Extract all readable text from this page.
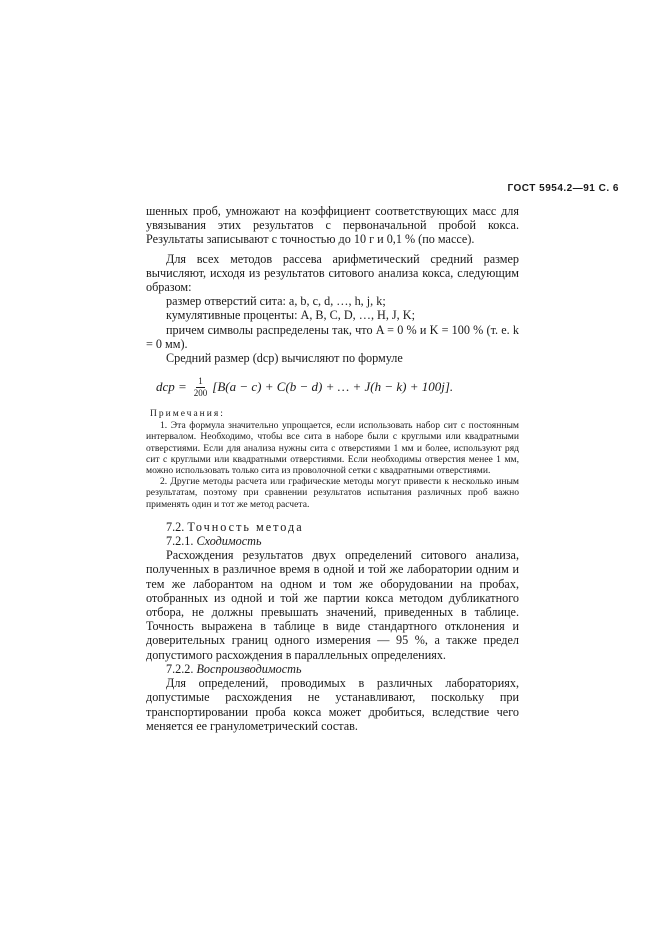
ГОСТ 5954.2—91 С. 6

шенных проб, умножают на коэффициент соответствующих масс для увязывания этих результатов с первоначальной пробой кокса. Результаты записывают с точностью до 10 г и 0,1 % (по массе).

Для всех методов рассева арифметический средний размер вычисляют, исходя из результатов ситового анализа кокса, следующим образом:

размер отверстий сита: a, b, c, d, …, h, j, k;

кумулятивные проценты: A, B, C, D, …, H, J, K;

причем символы распределены так, что A = 0 % и K = 100 % (т. е. k = 0 мм).

Средний размер (dср) вычисляют по формуле

dср = $\frac{1}{200} [B(a - c) + C(b - d)$ + … + J(h − k) + 100j].

Примечания:

1. Эта формула значительно упрощается, если использовать набор сит с постоянным интервалом. Необходимо, чтобы все сита в наборе были с круглыми или квадратными отверстиями. Если для анализа нужны сита с отверстиями 1 мм и более, используют ряд сит с круглыми или квадратными отверстиями. Если необходимы отверстия менее 1 мм, можно использовать только сита из проволочной сетки с квадратными отверстиями.

2. Другие методы расчета или графические методы могут привести к несколько иным результатам, поэтому при сравнении результатов испытания различных проб важно применять один и тот же метод расчета.

7.2. Точность метода

7.2.1. Сходимость

Расхождения результатов двух определений ситового анализа, полученных в различное время в одной и той же лаборатории одним и тем же лаборантом на одном и том же оборудовании на пробах, отобранных из одной и той же партии кокса методом дубликатного отбора, не должны превышать значений, приведенных в таблице. Точность выражена в таблице в виде стандартного отклонения и доверительных границ одного измерения — 95 %, а также предел допустимого расхождения в параллельных определениях.

7.2.2. Воспроизводимость

Для определений, проводимых в различных лабораториях, допустимые расхождения не устанавливают, поскольку при транспортировании проба кокса может дробиться, вследствие чего меняется ее гранулометрический состав.
